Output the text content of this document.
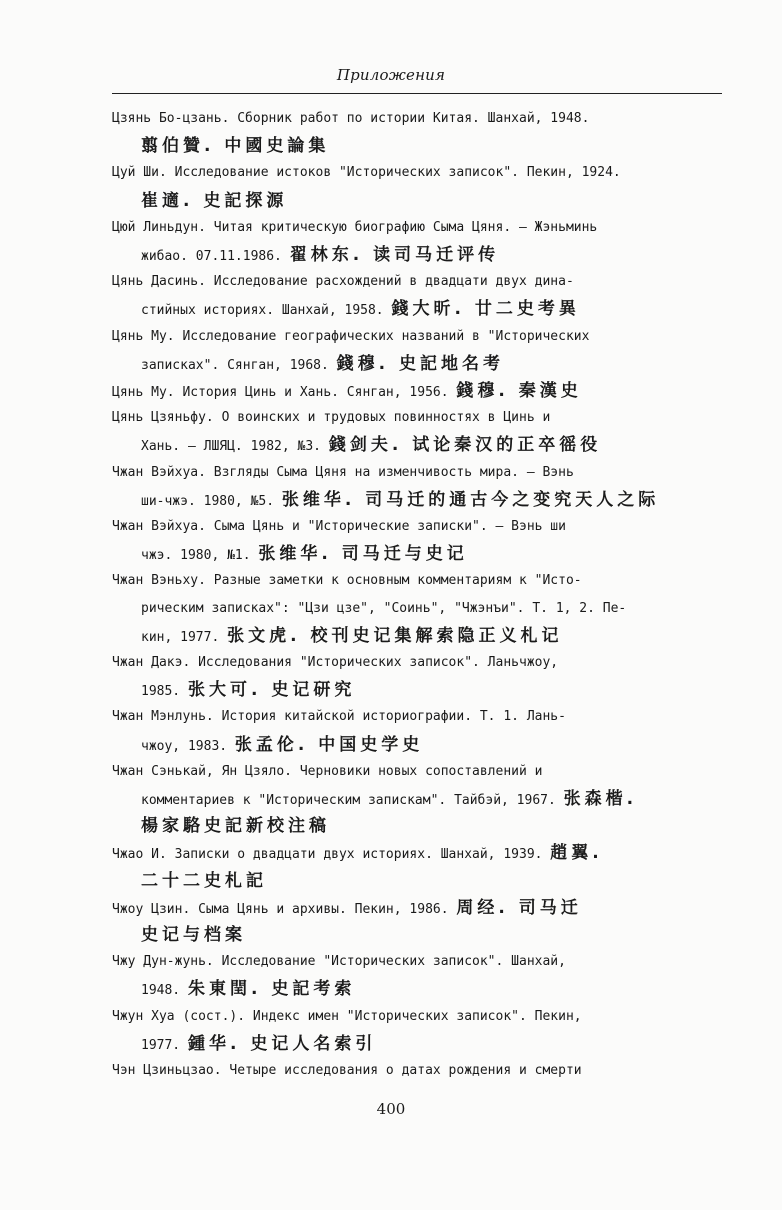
Приложения
Цзянь Бо-цзань. Сборник работ по истории Китая. Шанхай, 1948.
翦伯贊. 中國史論集
Цуй Ши. Исследование истоков "Исторических записок". Пекин, 1924.
崔適. 史記探源
Цюй Линьдун. Читая критическую биографию Сыма Цяня. — Жэньминь
жибао. 07.11.1986. 翟林东. 读司马迁评传
Цянь Дасинь. Исследование расхождений в двадцати двух дина-
стийных историях. Шанхай, 1958. 錢大昕. 廿二史考異
Цянь Му. Исследование географических названий в "Исторических
записках". Сянган, 1968. 錢穆. 史記地名考
Цянь Му. История Цинь и Хань. Сянган, 1956. 錢穆. 秦漢史
Цянь Цзяньфу. О воинских и трудовых повинностях в Цинь и
Хань. — ЛШЯЦ. 1982, №3. 錢剑夫. 试论秦汉的正卒徭役
Чжан Вэйхуа. Взгляды Сыма Цяня на изменчивость мира. — Вэнь
ши-чжэ. 1980, №5. 张维华. 司马迁的通古今之变究天人之际
Чжан Вэйхуа. Сыма Цянь и "Исторические записки". — Вэнь ши
чжэ. 1980, №1. 张维华. 司马迁与史记
Чжан Вэньху. Разные заметки к основным комментариям к "Исто-
рическим записках": "Цзи цзе", "Соинь", "Чжэнъи". Т. 1, 2. Пе-
кин, 1977. 张文虎. 校刊史记集解索隐正义札记
Чжан Дакэ. Исследования "Исторических записок". Ланьчжоу,
1985. 张大可. 史记研究
Чжан Мэнлунь. История китайской историографии. Т. 1. Лань-
чжоу, 1983. 张孟伦. 中国史学史
Чжан Сэнькай, Ян Цзяло. Черновики новых сопоставлений и
комментариев к "Историческим запискам". Тайбэй, 1967. 张森楷.
楊家駱史記新校注稿
Чжао И. Записки о двадцати двух историях. Шанхай, 1939. 趙翼.
二十二史札記
Чжоу Цзин. Сыма Цянь и архивы. Пекин, 1986. 周经. 司马迁
史记与档案
Чжу Дун-жунь. Исследование "Исторических записок". Шанхай,
1948. 朱東閏. 史記考索
Чжун Хуа (сост.). Индекс имен "Исторических записок". Пекин,
1977. 鍾华. 史记人名索引
Чэн Цзиньцзао. Четыре исследования о датах рождения и смерти
400
